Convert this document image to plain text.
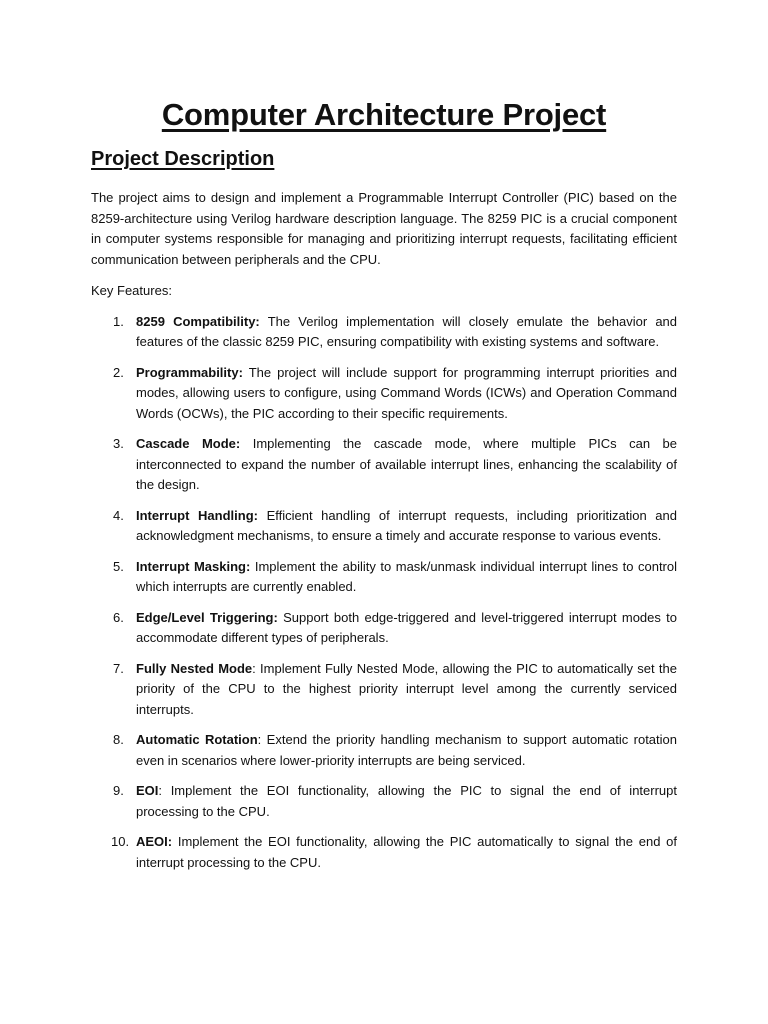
Computer Architecture Project
Project Description

The project aims to design and implement a Programmable Interrupt Controller (PIC) based on the 8259-architecture using Verilog hardware description language. The 8259 PIC is a crucial component in computer systems responsible for managing and prioritizing interrupt requests, facilitating efficient communication between peripherals and the CPU.

Key Features:

1. 8259 Compatibility: The Verilog implementation will closely emulate the behavior and features of the classic 8259 PIC, ensuring compatibility with existing systems and software.
2. Programmability: The project will include support for programming interrupt priorities and modes, allowing users to configure, using Command Words (ICWs) and Operation Command Words (OCWs), the PIC according to their specific requirements.
3. Cascade Mode: Implementing the cascade mode, where multiple PICs can be interconnected to expand the number of available interrupt lines, enhancing the scalability of the design.
4. Interrupt Handling: Efficient handling of interrupt requests, including prioritization and acknowledgment mechanisms, to ensure a timely and accurate response to various events.
5. Interrupt Masking: Implement the ability to mask/unmask individual interrupt lines to control which interrupts are currently enabled.
6. Edge/Level Triggering: Support both edge-triggered and level-triggered interrupt modes to accommodate different types of peripherals.
7. Fully Nested Mode: Implement Fully Nested Mode, allowing the PIC to automatically set the priority of the CPU to the highest priority interrupt level among the currently serviced interrupts.
8. Automatic Rotation: Extend the priority handling mechanism to support automatic rotation even in scenarios where lower-priority interrupts are being serviced.
9. EOI: Implement the EOI functionality, allowing the PIC to signal the end of interrupt processing to the CPU.
10. AEOI: Implement the EOI functionality, allowing the PIC automatically to signal the end of interrupt processing to the CPU.
